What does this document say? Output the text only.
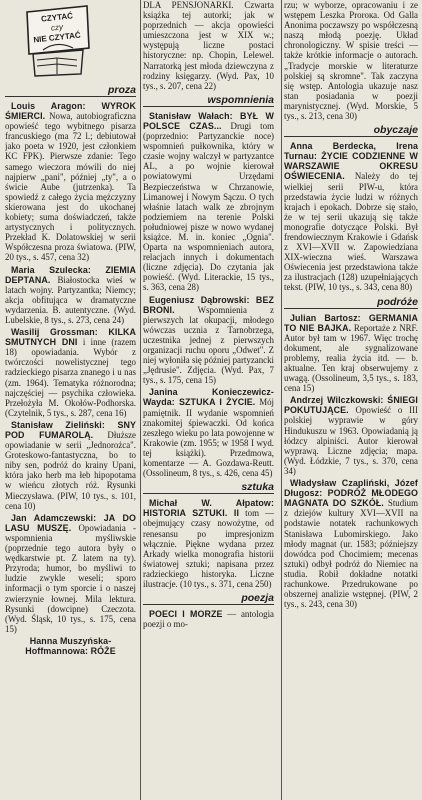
CZYTAĆ
czy
NIE CZYTAĆ
proza

Louis Aragon: WYROK ŚMIERCI. Nowa, autobiograficzna opowieść tego wybitnego pisarza francuskiego (ma 72 l.; debiutował jako poeta w 1920, jest członkiem KC FPK). Pierwsze zdanie: Tego samego wieczora mówili do niej najpierw „pani", później „ty", a o świcie Aube (jutrzenka). Ta spowiedź z całego życia mężczyzny skierowana jest do ukochanej kobiety; suma doświadczeń, także artystycznych i politycznych. Przekład K. Dolatowskiej w serii Współczesna proza światowa. (PIW, 20 tys., s. 457, cena 32)

Maria Szulecka: ZIEMIA DEPTANA. Białostocka wieś w latach wojny. Partyzantka; Niemcy; akcja obfitująca w dramatyczne wydarzenia. B. autentyczne. (Wyd. Lubelskie, 8 tys., s. 273, cena 24)

Wasilij Grossman: KILKA SMUTNYCH DNI i inne (razem 18) opowiadania. Wybór z twórczości nowelistycznej tego radzieckiego pisarza znanego i u nas (zm. 1964). Tematyka różnorodna; najczęściej — psychika człowieka. Przełożyła M. Okołów-Podhorska. (Czytelnik, 5 tys., s. 287, cena 16)

Stanisław Zieliński: SNY POD FUMAROLĄ. Dłuższe opowiadanie w serii „Jednorożca". Groteskowo-fantastyczna, bo to niby sen, podróż do krainy Upani, która jako herb ma łeb hipopotama w wieńcu złotych róż. Rysunki Mieczysława. (PIW, 10 tys., s. 101, cena 10)

Jan Adamczewski: JA DO LASU MUSZĘ. Opowiadania - wspomnienia myśliwskie (poprzednie tego autora były o wędkarstwie pt. Z latem na ty). Przyroda; humor, bo myśliwi to ludzie zwykle weseli; sporo informacji o tym sporcie i o naszej zwierzynie łownej. Mila lektura. Rysunki (dowcipne) Czeczota. (Wyd. Śląsk, 10 tys., s. 175, cena 15)

Hanna Muszyńska-Hoffmannowa: RÓŻE

DLA PENSJONARKI. Czwarta książka tej autorki; jak w poprzednich — akcja opowieści umieszczona jest w XIX w.; występują liczne postaci historyczne: np. Chopin, Lelewel. Narratorką jest młoda dziewczyna z rodziny księgarzy. (Wyd. Pax, 10 tys., s. 207, cena 22)

wspomnienia

Stanisław Wałach: BYŁ W POLSCE CZAS... Drugi tom (poprzednio: Partyzanckie noce) wspomnień pułkownika, który w czasie wojny walczył w partyzantce AL, a po wojnie kierował powiatowymi Urzędami Bezpieczeństwa w Chrzanowie, Limanowej i Nowym Sączu. O tych właśnie latach walk ze zbrojnym podziemiem na terenie Polski południowej pisze w nowo wydanej książce. M. in. koniec „Ognia". Oparta na wspomnieniach autora, relacjach innych i dokumentach (liczne zdjęcia). Do czytania jak powieść. (Wyd. Literackie, 15 tys., s. 363, cena 28)

Eugeniusz Dąbrowski: BEZ BRONI. Wspomnienia z pierwszych lat okupacji, młodego wówczas ucznia z Tarnobrzega, uczestnika jednej z pierwszych organizacji ruchu oporu „Odwet". Z niej wyłoniła się później partyzancki „Jędrusie". Zdjęcia. (Wyd. Pax, 7 tys., s. 175, cena 15)

Janina Konieczewicz-Wayda: SZTUKA I ŻYCIE. Mój pamiętnik. II wydanie wspomnień znakomitej śpiewaczki. Od końca zeszłego wieku po lata powojenne w Krakowie (zm. 1955; w 1958 I wyd. tej książki). Przedmowa, komentarze — A. Gozdawa-Reutt. (Ossolineum, 8 tys., s. 426, cena 45)

sztuka

Michał W. Ałpatow: HISTORIA SZTUKI. II tom — obejmujący czasy nowożytne, od renesansu po impresjonizm włącznie. Piękne wydana przez Arkady wielka monografia historii światowej sztuki; napisana przez radzieckiego historyka. Liczne ilustracje. (10 tys., s. 371, cena 250)

poezja

POECI I MORZE — antologia poezji o mo-

rzu; w wyborze, opracowaniu i ze wstępem Leszka Prorока. Od Galla Anonima poczawszy po współczesną naszą młodą poezję. Układ chronologiczny. W spisie treści — także krótkie informacje o autorach. „Tradycje morskie w literaturze polskiej są skromne". Tak zaczyna się wstęp. Antologia ukazuje nasz stan posiadania w poezji marynistycznej. (Wyd. Morskie, 5 tys., s. 213, cena 30)

obyczaje

Anna Berdecka, Irena Turnau: ŻYCIE CODZIENNE W WARSZAWIE OKRESU OŚWIECENIA. Należy do tej wielkiej serii PIW-u, która przedstawia życie ludzi w różnych krajach i epokach. Dobrze się stało, że w tej serii ukazują się także monografie dotyczące Polski. Był frendowiecznym Krakowie i Gdańsk z XVI—XVII w. Zapowiedziana XIX-wieczna wieś. Warszawa Oświecenia jest przedstawiona także za ilustracjach (128) uzupełniających tekst. (PIW, 10 tys., s. 343, cena 80)

podróże

Julian Bartosz: GERMANIA TO NIE BAJKA. Reportaże z NRF. Autor był tam w 1967. Więc trochę dokument, ale sygnalizowane problemy, realia życia itd. — b. aktualne. Ten kraj obserwujemy z uwagą. (Ossolineum, 3,5 tys., s. 183, cena 15)

Andrzej Wilczkowski: ŚNIEGI POKUTUJĄCE. Opowieść o III polskiej wyprawie w góry Hindukuszu w 1963. Opowiadanią ją łódzcy alpiniści. Autor kierował wyprawą. Liczne zdjęcia; mapa. (Wyd. Łódzkie, 7 tys., s. 370, cena 34)

Władysław Czapliński, Józef Długosz: PODRÓŻ MŁODEGO MAGNATA DO SZKÓŁ. Studium z dziejów kultury XVI—XVII na podstawie notatek rachunkowych Stanisława Lubomirskiego. Jako młody magnat (ur. 1583; późniejszy dowódca pod Chocimiem; mecenas sztuki) odbył podróż do Niemiec na studia. Robił dokładne notatki rachunkowe. Przedrukowane po obszernej analizie wstępnej. (PIW, 2 tys., s. 243, cena 30)
